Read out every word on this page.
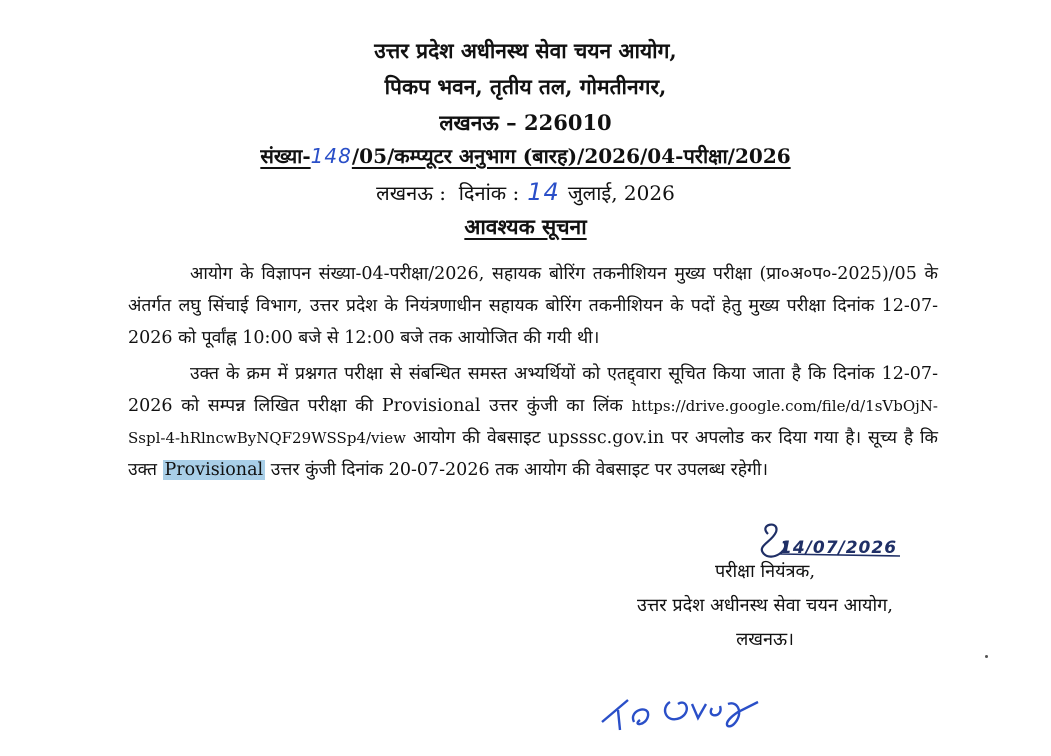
उत्तर प्रदेश अधीनस्थ सेवा चयन आयोग,
पिकप भवन, तृतीय तल, गोमतीनगर,
लखनऊ – 226010
संख्या-148/05/कम्प्यूटर अनुभाग (बारह)/2026/04-परीक्षा/2026
लखनऊ : दिनांक : 14 जुलाई, 2026
आवश्यक सूचना
आयोग के विज्ञापन संख्या-04-परीक्षा/2026, सहायक बोरिंग तकनीशियन मुख्य परीक्षा (प्रा०अ०प०-2025)/05 के अंतर्गत लघु सिंचाई विभाग, उत्तर प्रदेश के नियंत्रणाधीन सहायक बोरिंग तकनीशियन के पदों हेतु मुख्य परीक्षा दिनांक 12-07-2026 को पूर्वांह्न 10:00 बजे से 12:00 बजे तक आयोजित की गयी थी।
उक्त के क्रम में प्रश्नगत परीक्षा से संबन्धित समस्त अभ्यर्थियों को एतद्द्वारा सूचित किया जाता है कि दिनांक 12-07-2026 को सम्पन्न लिखित परीक्षा की Provisional उत्तर कुंजी का लिंक https://drive.google.com/file/d/1sVbOjN-Sspl-4-hRlncwByNQF29WSSp4/view आयोग की वेबसाइट upsssc.gov.in पर अपलोड कर दिया गया है। सूच्य है कि उक्त Provisional उत्तर कुंजी दिनांक 20-07-2026 तक आयोग की वेबसाइट पर उपलब्ध रहेगी।
14/07/2026
परीक्षा नियंत्रक,
उत्तर प्रदेश अधीनस्थ सेवा चयन आयोग,
लखनऊ।
